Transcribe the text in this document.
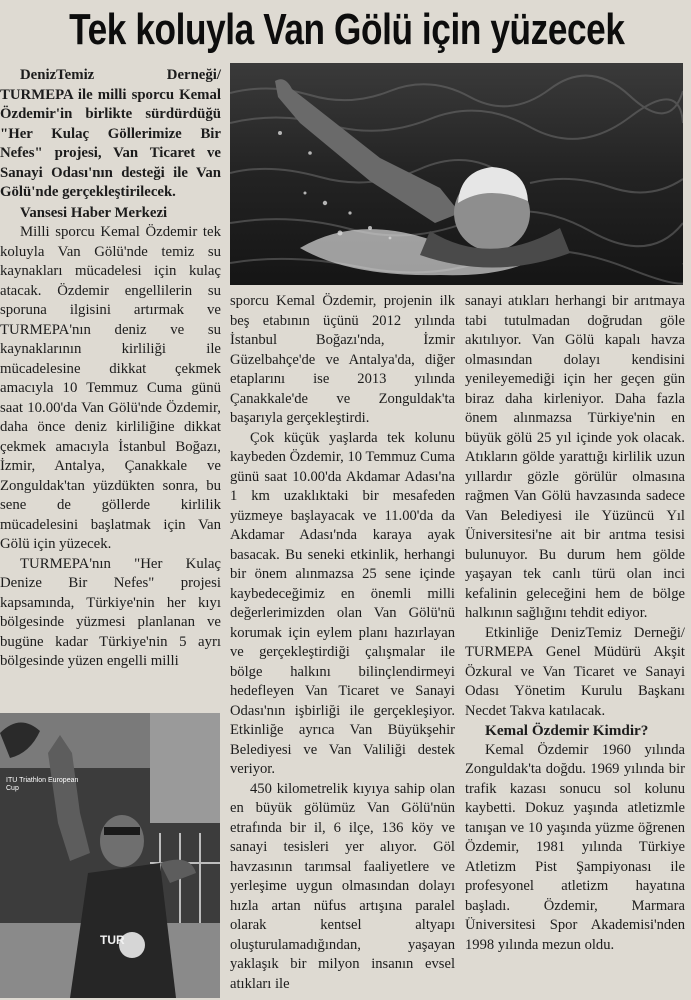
Tek koluyla Van Gölü için yüzecek
ITU Triathlon European Cup
TUR

DenizTemiz Derneği/ TURMEPA ile milli sporcu Kemal Özdemir'in birlikte sürdürdüğü "Her Kulaç Göllerimize Bir Nefes" projesi, Van Ticaret ve Sanayi Odası'nın desteği ile Van Gölü'nde gerçekleştirilecek.

Vansesi Haber Merkezi

Milli sporcu Kemal Özdemir tek koluyla Van Gölü'nde temiz su kaynakları mücadelesi için kulaç atacak. Özdemir engellilerin su sporuna ilgisini artırmak ve TURMEPA'nın deniz ve su kaynaklarının kirliliği ile mücadelesine dikkat çekmek amacıyla 10 Temmuz Cuma günü saat 10.00'da Van Gölü'nde Özdemir, daha önce deniz kirliliğine dikkat çekmek amacıyla İstanbul Boğazı, İzmir, Antalya, Çanakkale ve Zonguldak'tan yüzdükten sonra, bu sene de göllerde kirlilik mücadelesini başlatmak için Van Gölü için yüzecek.

TURMEPA'nın "Her Kulaç Denize Bir Nefes" projesi kapsamında, Türkiye'nin her kıyı bölgesinde yüzmesi planlanan ve bugüne kadar Türkiye'nin 5 ayrı bölgesinde yüzen engelli milli

sporcu Kemal Özdemir, projenin ilk beş etabının üçünü 2012 yılında İstanbul Boğazı'nda, İzmir Güzelbahçe'de ve Antalya'da, diğer etaplarını ise 2013 yılında Çanakkale'de ve Zonguldak'ta başarıyla gerçekleştirdi.

Çok küçük yaşlarda tek kolunu kaybeden Özdemir, 10 Temmuz Cuma günü saat 10.00'da Akdamar Adası'na 1 km uzaklıktaki bir mesafeden yüzmeye başlayacak ve 11.00'da da Akdamar Adası'nda karaya ayak basacak. Bu seneki etkinlik, herhangi bir önem alınmazsa 25 sene içinde kaybedeceğimiz en önemli milli değerlerimizden olan Van Gölü'nü korumak için eylem planı hazırlayan ve gerçekleştirdiği çalışmalar ile bölge halkını bilinçlendirmeyi hedefleyen Van Ticaret ve Sanayi Odası'nın işbirliği ile gerçekleşiyor. Etkinliğe ayrıca Van Büyükşehir Belediyesi ve Van Valiliği destek veriyor.

450 kilometrelik kıyıya sahip olan en büyük gölümüz Van Gölü'nün etrafında bir il, 6 ilçe, 136 köy ve sanayi tesisleri yer alıyor. Göl havzasının tarımsal faaliyetlere ve yerleşime uygun olmasından dolayı hızla artan nüfus artışına paralel olarak kentsel altyapı oluşturulamadığından, yaşayan yaklaşık bir milyon insanın evsel atıkları ile

sanayi atıkları herhangi bir arıtmaya tabi tutulmadan doğrudan göle akıtılıyor. Van Gölü kapalı havza olmasından dolayı kendisini yenileyemediği için her geçen gün biraz daha kirleniyor. Daha fazla önem alınmazsa Türkiye'nin en büyük gölü 25 yıl içinde yok olacak. Atıkların gölde yarattığı kirlilik uzun yıllardır gözle görülür olmasına rağmen Van Gölü havzasında sadece Van Belediyesi ile Yüzüncü Yıl Üniversitesi'ne ait bir arıtma tesisi bulunuyor. Bu durum hem gölde yaşayan tek canlı türü olan inci kefalinin geleceğini hem de bölge halkının sağlığını tehdit ediyor.

Etkinliğe DenizTemiz Derneği/ TURMEPA Genel Müdürü Akşit Özkural ve Van Ticaret ve Sanayi Odası Yönetim Kurulu Başkanı Necdet Takva katılacak.

Kemal Özdemir Kimdir?

Kemal Özdemir 1960 yılında Zonguldak'ta doğdu. 1969 yılında bir trafik kazası sonucu sol kolunu kaybetti. Dokuz yaşında atletizmle tanışan ve 10 yaşında yüzme öğrenen Özdemir, 1981 yılında Türkiye Atletizm Pist Şampiyonası ile profesyonel atletizm hayatına başladı. Özdemir, Marmara Üniversitesi Spor Akademisi'nden 1998 yılında mezun oldu.
